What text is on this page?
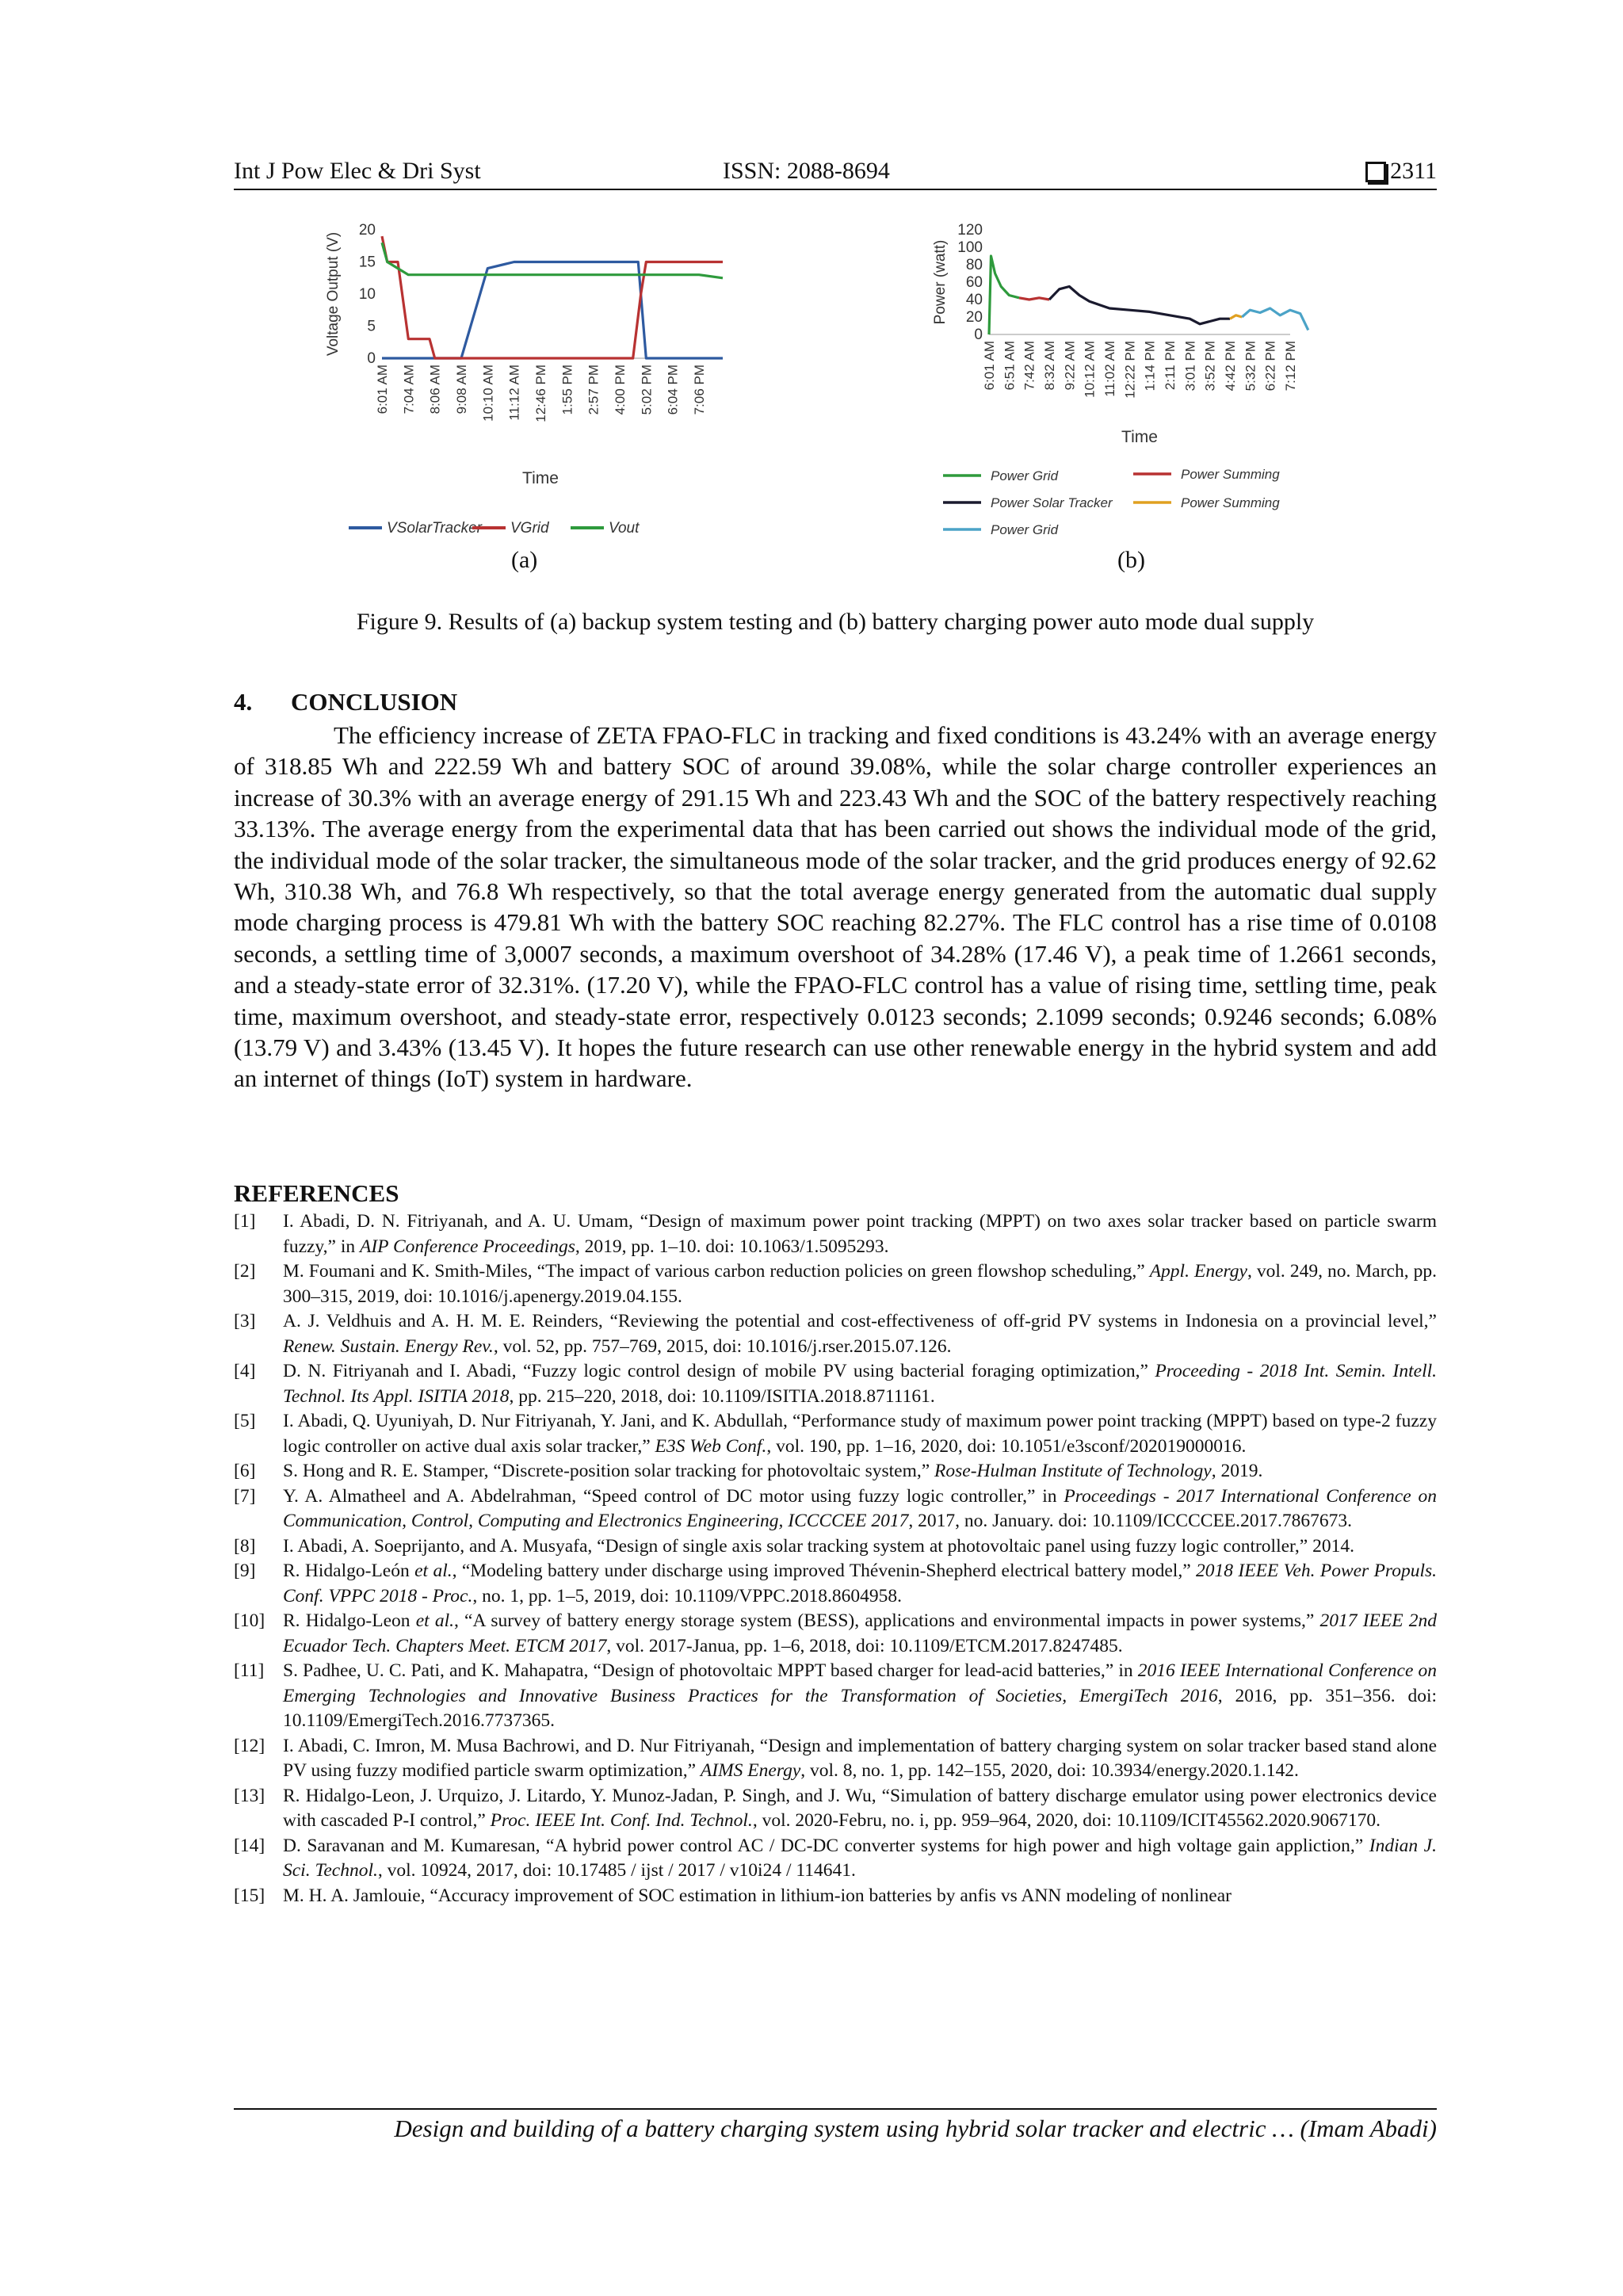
Int J Pow Elec & Dri Syst	ISSN: 2088-8694	2311
Voltage Output (V)
20
15
10
5
0
6:01 AM 7:04 AM 8:06 AM 9:08 AM 10:10 AM 11:12 AM 12:46 PM 1:55 PM 2:57 PM 4:00 PM 5:02 PM 6:04 PM 7:06 PM
Time
VSolarTracker VGrid	Vout
(a)
Power (watt)
120
100
80
60
40
20
0
6:01 AM 6:51 AM 7:42 AM 8:32 AM 9:22 AM 10:12 AM 11:02 AM 12:22 PM 1:14 PM 2:11 PM 3:01 PM 3:52 PM 4:42 PM 5:32 PM 6:22 PM 7:12 PM
Time
Power Grid	Power Summing
Power Solar Tracker	Power Summing
Power Grid
(b)
Figure 9. Results of (a) backup system testing and (b) battery charging power auto mode dual supply
4. CONCLUSION

The efficiency increase of ZETA FPAO-FLC in tracking and fixed conditions is 43.24% with an average energy of 318.85 Wh and 222.59 Wh and battery SOC of around 39.08%, while the solar charge controller experiences an increase of 30.3% with an average energy of 291.15 Wh and 223.43 Wh and the SOC of the battery respectively reaching 33.13%. The average energy from the experimental data that has been carried out shows the individual mode of the grid, the individual mode of the solar tracker, the simultaneous mode of the solar tracker, and the grid produces energy of 92.62 Wh, 310.38 Wh, and 76.8 Wh respectively, so that the total average energy generated from the automatic dual supply mode charging process is 479.81 Wh with the battery SOC reaching 82.27%. The FLC control has a rise time of 0.0108 seconds, a settling time of 3,0007 seconds, a maximum overshoot of 34.28% (17.46 V), a peak time of 1.2661 seconds, and a steady-state error of 32.31%. (17.20 V), while the FPAO-FLC control has a value of rising time, settling time, peak time, maximum overshoot, and steady-state error, respectively 0.0123 seconds; 2.1099 seconds; 0.9246 seconds; 6.08% (13.79 V) and 3.43% (13.45 V). It hopes the future research can use other renewable energy in the hybrid system and add an internet of things (IoT) system in hardware.

REFERENCES
[1] I. Abadi, D. N. Fitriyanah, and A. U. Umam, “Design of maximum power point tracking (MPPT) on two axes solar tracker based on particle swarm fuzzy,” in AIP Conference Proceedings, 2019, pp. 1–10. doi: 10.1063/1.5095293.
[2] M. Foumani and K. Smith-Miles, “The impact of various carbon reduction policies on green flowshop scheduling,” Appl. Energy, vol. 249, no. March, pp. 300–315, 2019, doi: 10.1016/j.apenergy.2019.04.155.
[3] A. J. Veldhuis and A. H. M. E. Reinders, “Reviewing the potential and cost-effectiveness of off-grid PV systems in Indonesia on a provincial level,” Renew. Sustain. Energy Rev., vol. 52, pp. 757–769, 2015, doi: 10.1016/j.rser.2015.07.126.
[4] D. N. Fitriyanah and I. Abadi, “Fuzzy logic control design of mobile PV using bacterial foraging optimization,” Proceeding - 2018 Int. Semin. Intell. Technol. Its Appl. ISITIA 2018, pp. 215–220, 2018, doi: 10.1109/ISITIA.2018.8711161.
[5] I. Abadi, Q. Uyuniyah, D. Nur Fitriyanah, Y. Jani, and K. Abdullah, “Performance study of maximum power point tracking (MPPT) based on type-2 fuzzy logic controller on active dual axis solar tracker,” E3S Web Conf., vol. 190, pp. 1–16, 2020, doi: 10.1051/e3sconf/202019000016.
[6] S. Hong and R. E. Stamper, “Discrete-position solar tracking for photovoltaic system,” Rose-Hulman Institute of Technology, 2019.
[7] Y. A. Almatheel and A. Abdelrahman, “Speed control of DC motor using fuzzy logic controller,” in Proceedings - 2017 International Conference on Communication, Control, Computing and Electronics Engineering, ICCCCEE 2017, 2017, no. January. doi: 10.1109/ICCCCEE.2017.7867673.
[8] I. Abadi, A. Soeprijanto, and A. Musyafa, “Design of single axis solar tracking system at photovoltaic panel using fuzzy logic controller,” 2014.
[9] R. Hidalgo-León et al., “Modeling battery under discharge using improved Thévenin-Shepherd electrical battery model,” 2018 IEEE Veh. Power Propuls. Conf. VPPC 2018 - Proc., no. 1, pp. 1–5, 2019, doi: 10.1109/VPPC.2018.8604958.
[10] R. Hidalgo-Leon et al., “A survey of battery energy storage system (BESS), applications and environmental impacts in power systems,” 2017 IEEE 2nd Ecuador Tech. Chapters Meet. ETCM 2017, vol. 2017-Janua, pp. 1–6, 2018, doi: 10.1109/ETCM.2017.8247485.
[11] S. Padhee, U. C. Pati, and K. Mahapatra, “Design of photovoltaic MPPT based charger for lead-acid batteries,” in 2016 IEEE International Conference on Emerging Technologies and Innovative Business Practices for the Transformation of Societies, EmergiTech 2016, 2016, pp. 351–356. doi: 10.1109/EmergiTech.2016.7737365.
[12] I. Abadi, C. Imron, M. Musa Bachrowi, and D. Nur Fitriyanah, “Design and implementation of battery charging system on solar tracker based stand alone PV using fuzzy modified particle swarm optimization,” AIMS Energy, vol. 8, no. 1, pp. 142–155, 2020, doi: 10.3934/energy.2020.1.142.
[13] R. Hidalgo-Leon, J. Urquizo, J. Litardo, Y. Munoz-Jadan, P. Singh, and J. Wu, “Simulation of battery discharge emulator using power electronics device with cascaded P-I control,” Proc. IEEE Int. Conf. Ind. Technol., vol. 2020-Febru, no. i, pp. 959–964, 2020, doi: 10.1109/ICIT45562.2020.9067170.
[14] D. Saravanan and M. Kumaresan, “A hybrid power control AC / DC-DC converter systems for high power and high voltage gain appliction,” Indian J. Sci. Technol., vol. 10924, 2017, doi: 10.17485 / ijst / 2017 / v10i24 / 114641.
[15] M. H. A. Jamlouie, “Accuracy improvement of SOC estimation in lithium-ion batteries by anfis vs ANN modeling of nonlinear
Design and building of a battery charging system using hybrid solar tracker and electric … (Imam Abadi)
